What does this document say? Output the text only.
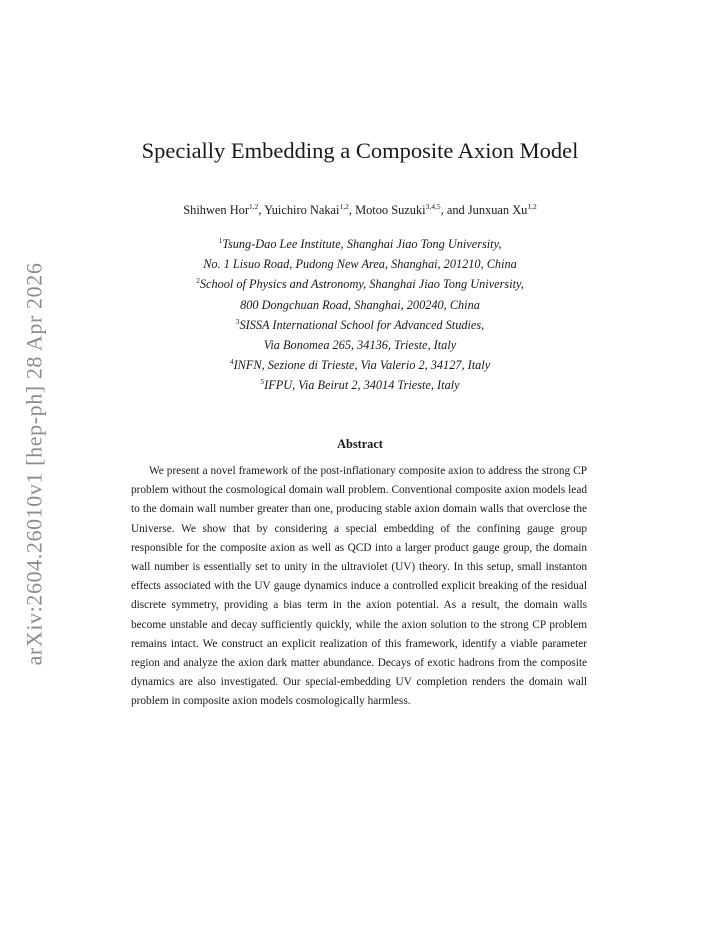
arXiv:2604.26010v1 [hep-ph] 28 Apr 2026
Specially Embedding a Composite Axion Model
Shihwen Hor$^{1,2}$, Yuichiro Nakai$^{1,2}$, Motoo Suzuki$^{3,4,5}$, and Junxuan Xu$^{1,2}$
$^1$Tsung-Dao Lee Institute, Shanghai Jiao Tong University,
No. 1 Lisuo Road, Pudong New Area, Shanghai, 201210, China
$^2$School of Physics and Astronomy, Shanghai Jiao Tong University,
800 Dongchuan Road, Shanghai, 200240, China
$^3$SISSA International School for Advanced Studies,
Via Bonomea 265, 34136, Trieste, Italy
$^4$INFN, Sezione di Trieste, Via Valerio 2, 34127, Italy
$^5$IFPU, Via Beirut 2, 34014 Trieste, Italy
Abstract

We present a novel framework of the post-inflationary composite axion to address the strong CP problem without the cosmological domain wall problem. Conventional composite axion models lead to the domain wall number greater than one, producing stable axion domain walls that overclose the Universe. We show that by considering a special embedding of the confining gauge group responsible for the composite axion as well as QCD into a larger product gauge group, the domain wall number is essentially set to unity in the ultraviolet (UV) theory. In this setup, small instanton effects associated with the UV gauge dynamics induce a controlled explicit breaking of the residual discrete symmetry, providing a bias term in the axion potential. As a result, the domain walls become unstable and decay sufficiently quickly, while the axion solution to the strong CP problem remains intact. We construct an explicit realization of this framework, identify a viable parameter region and analyze the axion dark matter abundance. Decays of exotic hadrons from the composite dynamics are also investigated. Our special-embedding UV completion renders the domain wall problem in composite axion models cosmologically harmless.
